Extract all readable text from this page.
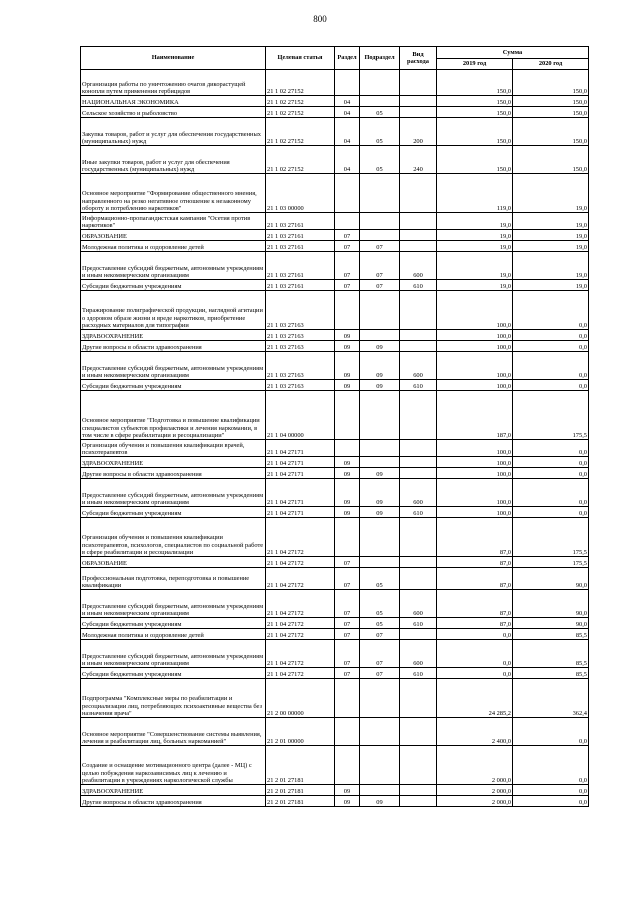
800
Наименование	Целевая статья	Раздел	Подраздел	Вид расхода	Сумма	
					2019 год	2020 год
Организация работы по уничтожению очагов дикорастущей конопли путем применения гербицидов	21 1 02 27152				150,0	150,0
НАЦИОНАЛЬНАЯ ЭКОНОМИКА	21 1 02 27152	04			150,0	150,0
Сельское хозяйство и рыболовство	21 1 02 27152	04	05		150,0	150,0
Закупка товаров, работ и услуг для обеспечения государственных (муниципальных) нужд	21 1 02 27152	04	05	200	150,0	150,0
Иные закупки товаров, работ и услуг для обеспечения государственных (муниципальных) нужд	21 1 02 27152	04	05	240	150,0	150,0
Основное мероприятие "Формирование общественного мнения, направленного на резко негативное отношение к незаконному обороту и потреблению наркотиков"	21 1 03 00000				119,0	19,0
Информационно-пропагандистская кампания "Осетия против наркотиков"	21 1 03 27161				19,0	19,0
ОБРАЗОВАНИЕ	21 1 03 27161	07			19,0	19,0
Молодежная политика и оздоровление детей	21 1 03 27161	07	07		19,0	19,0
Предоставление субсидий бюджетным, автономным учреждениям и иным некоммерческим организациям	21 1 03 27161	07	07	600	19,0	19,0
Субсидии бюджетным учреждениям	21 1 03 27161	07	07	610	19,0	19,0
Тиражирование полиграфической продукции, наглядной агитации о здоровом образе жизни и вреде наркотиков, приобретение расходных материалов для типографии	21 1 03 27163				100,0	0,0
ЗДРАВООХРАНЕНИЕ	21 1 03 27163	09			100,0	0,0
Другие вопросы в области здравоохранения	21 1 03 27163	09	09		100,0	0,0
Предоставление субсидий бюджетным, автономным учреждениям и иным некоммерческим организациям	21 1 03 27163	09	09	600	100,0	0,0
Субсидии бюджетным учреждениям	21 1 03 27163	09	09	610	100,0	0,0
Основное мероприятие "Подготовка и повышение квалификации специалистов субъектов профилактики и лечения наркомании, в том числе в сфере реабилитации и ресоциализации"	21 1 04 00000				187,0	175,5
Организация обучения и повышения квалификации врачей, психотерапевтов	21 1 04 27171				100,0	0,0
ЗДРАВООХРАНЕНИЕ	21 1 04 27171	09			100,0	0,0
Другие вопросы в области здравоохранения	21 1 04 27171	09	09		100,0	0,0
Предоставление субсидий бюджетным, автономным учреждениям и иным некоммерческим организациям	21 1 04 27171	09	09	600	100,0	0,0
Субсидии бюджетным учреждениям	21 1 04 27171	09	09	610	100,0	0,0
Организация обучения и повышения квалификации психотерапевтов, психологов, специалистов по социальной работе в сфере реабилитации и ресоциализации	21 1 04 27172				87,0	175,5
ОБРАЗОВАНИЕ	21 1 04 27172	07			87,0	175,5
Профессиональная подготовка, переподготовка и повышение квалификации	21 1 04 27172	07	05		87,0	90,0
Предоставление субсидий бюджетным, автономным учреждениям и иным некоммерческим организациям	21 1 04 27172	07	05	600	87,0	90,0
Субсидии бюджетным учреждениям	21 1 04 27172	07	05	610	87,0	90,0
Молодежная политика и оздоровление детей	21 1 04 27172	07	07		0,0	85,5
Предоставление субсидий бюджетным, автономным учреждениям и иным некоммерческим организациям	21 1 04 27172	07	07	600	0,0	85,5
Субсидии бюджетным учреждениям	21 1 04 27172	07	07	610	0,0	85,5
Подпрограмма "Комплексные меры по реабилитации и ресоциализации лиц, потребляющих психоактивные вещества без назначения врача"	21 2 00 00000				24 285,2	362,4
Основное мероприятие "Совершенствование системы выявления, лечения и реабилитации лиц, больных наркоманией"	21 2 01 00000				2 400,0	0,0
Создание и оснащение мотивационного центра (далее - МЦ) с целью побуждения наркозависимых лиц к лечению и реабилитации в учреждениях наркологической службы	21 2 01 27181				2 000,0	0,0
ЗДРАВООХРАНЕНИЕ	21 2 01 27181	09			2 000,0	0,0
Другие вопросы в области здравоохранения	21 2 01 27181	09	09		2 000,0	0,0
